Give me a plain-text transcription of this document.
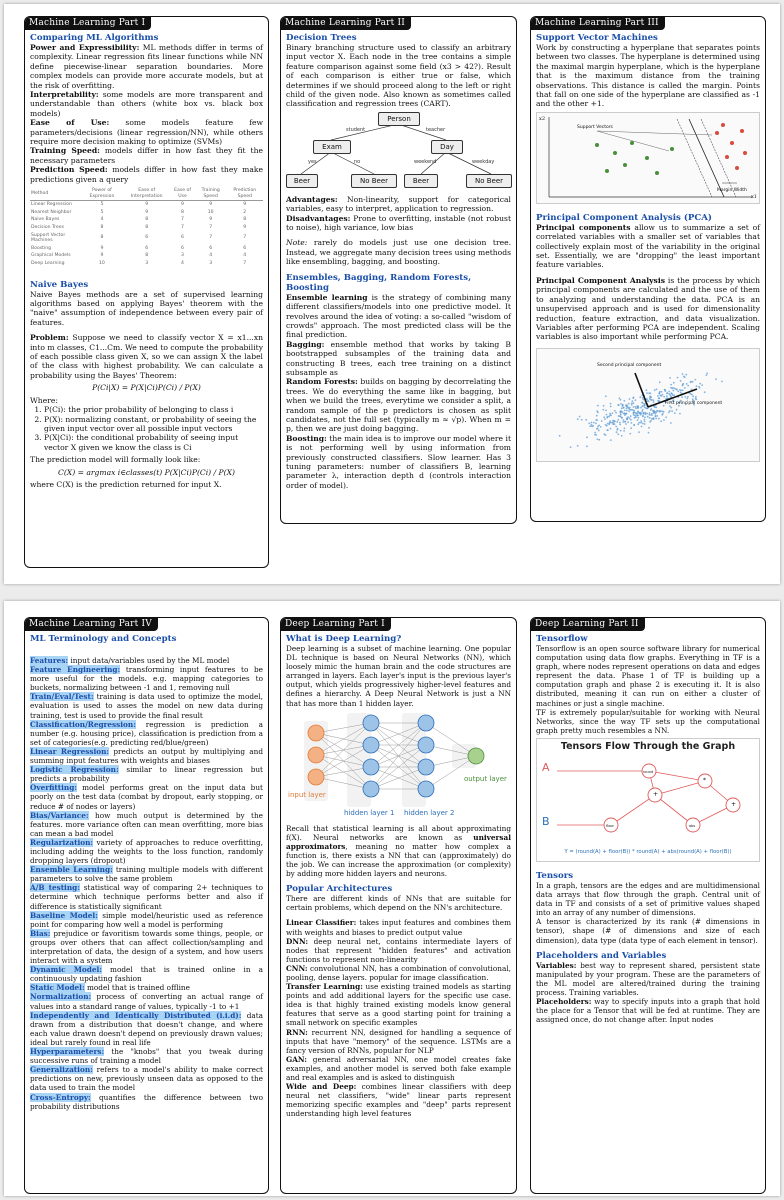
Machine Learning Part I

Comparing ML Algorithms

Power and Expressibility: ML methods differ in terms of complexity. Linear regression fits linear functions while NN define piecewise-linear separation boundaries. More complex models can provide more accurate models, but at the risk of overfitting.

Interpretability: some models are more transparent and understandable than others (white box vs. black box models)

Ease of Use: some models feature few parameters/decisions (linear regression/NN), while others require more decision making to optimize (SVMs)

Training Speed: models differ in how fast they fit the necessary parameters

Prediction Speed: models differ in how fast they make predictions given a query

Method	Power of Expression	Ease of Interpretation	Ease of Use	Training Speed	Prediction Speed
Linear Regression	5	9	9	9	9
Nearest Neighbor	5	9	8	10	2
Naive Bayes	4	8	7	9	8
Decision Trees	8	8	7	7	9
Support Vector Machines	8	6	6	7	7
Boosting	9	6	6	6	6
Graphical Models	9	8	3	4	4
Deep Learning	10	3	4	3	7

Naive Bayes

Naive Bayes methods are a set of supervised learning algorithms based on applying Bayes' theorem with the "naive" assumption of independence between every pair of features.

Problem: Suppose we need to classify vector X = x1...xn into m classes, C1...Cm. We need to compute the probability of each possible class given X, so we can assign X the label of the class with highest probability. We can calculate a probability using the Bayes' Theorem:

P(Ci|X) = P(X|Ci)P(Ci) / P(X)

Where:

1. P(Ci): the prior probability of belonging to class i
2. P(X): normalizing constant, or probability of seeing the given input vector over all possible input vectors
3. P(X|Ci): the conditional probability of seeing input vector X given we know the class is Ci

The prediction model will formally look like:

C(X) = argmax i∈classes(t) P(X|Ci)P(Ci) / P(X)

where C(X) is the prediction returned for input X.

Machine Learning Part II

Decision Trees

Binary branching structure used to classify an arbitrary input vector X. Each node in the tree contains a simple feature comparison against some field (x3 > 42?). Result of each comparison is either true or false, which determines if we should proceed along to the left or right child of the given node. Also known as sometimes called classification and regression trees (CART).

Person
student	teacher
Exam	Day
yes	no	weekend	weekday
Beer	No Beer	Beer	No Beer

Advantages: Non-linearity, support for categorical variables, easy to interpret, application to regression.

Disadvantages: Prone to overfitting, instable (not robust to noise), high variance, low bias

Note: rarely do models just use one decision tree. Instead, we aggregate many decision trees using methods like ensembling, bagging, and boosting.

Ensembles, Bagging, Random Forests, Boosting

Ensemble learning is the strategy of combining many different classifiers/models into one predictive model. It revolves around the idea of voting: a so-called "wisdom of crowds" approach. The most predicted class will be the final prediction.

Bagging: ensemble method that works by taking B bootstrapped subsamples of the training data and constructing B trees, each tree training on a distinct subsample as

Random Forests: builds on bagging by decorrelating the trees. We do everything the same like in bagging, but when we build the trees, everytime we consider a split, a random sample of the p predictors is chosen as split candidates, not the full set (typically m ≈ √p). When m = p, then we are just doing bagging.

Boosting: the main idea is to improve our model where it is not performing well by using information from previously constructed classifiers. Slow learner. Has 3 tuning parameters: number of classifiers B, learning parameter λ, interaction depth d (controls interaction order of model).

Machine Learning Part III

Support Vector Machines

Work by constructing a hyperplane that separates points between two classes. The hyperplane is determined using the maximal margin hyperplane, which is the hyperplane that is the maximum distance from the training observations. This distance is called the margin. Points that fall on one side of the hyperplane are classified as -1 and the other +1.

Support Vectors
Margin Width
x2
x1

Principal Component Analysis (PCA)

Principal components allow us to summarize a set of correlated variables with a smaller set of variables that collectively explain most of the variability in the original set. Essentially, we are "dropping" the least important feature variables.

Principal Component Analysis is the process by which principal components are calculated and the use of them to analyzing and understanding the data. PCA is an unsupervised approach and is used for dimensionality reduction, feature extraction, and data visualization. Variables after performing PCA are independent. Scaling variables is also important while performing PCA.

Second principal component
First principal component
Machine Learning Part IV

ML Terminology and Concepts

Features: input data/variables used by the ML model

Feature Engineering: transforming input features to be more useful for the models. e.g. mapping categories to buckets, normalizing between -1 and 1, removing null

Train/Eval/Test: training is data used to optimize the model, evaluation is used to asses the model on new data during training, test is used to provide the final result

Classification/Regression: regression is prediction a number (e.g. housing price), classification is prediction from a set of categories(e.g. predicting red/blue/green)

Linear Regression: predicts an output by multiplying and summing input features with weights and biases

Logistic Regression: similar to linear regression but predicts a probability

Overfitting: model performs great on the input data but poorly on the test data (combat by dropout, early stopping, or reduce # of nodes or layers)

Bias/Variance: how much output is determined by the features. more variance often can mean overfitting, more bias can mean a bad model

Regularization: variety of approaches to reduce overfitting, including adding the weights to the loss function, randomly dropping layers (dropout)

Ensemble Learning: training multiple models with different parameters to solve the same problem

A/B testing: statistical way of comparing 2+ techniques to determine which technique performs better and also if difference is statistically significant

Baseline Model: simple model/heuristic used as reference point for comparing how well a model is performing

Bias: prejudice or favoritism towards some things, people, or groups over others that can affect collection/sampling and interpretation of data, the design of a system, and how users interact with a system

Dynamic Model: model that is trained online in a continuously updating fashion

Static Model: model that is trained offline

Normalization: process of converting an actual range of values into a standard range of values, typically -1 to +1

Independently and Identically Distributed (i.i.d): data drawn from a distribution that doesn't change, and where each value drawn doesn't depend on previously drawn values; ideal but rarely found in real life

Hyperparameters: the "knobs" that you tweak during successive runs of training a model

Generalization: refers to a model's ability to make correct predictions on new, previously unseen data as opposed to the data used to train the model

Cross-Entropy: quantifies the difference between two probability distributions

Deep Learning Part I

What is Deep Learning?

Deep learning is a subset of machine learning. One popular DL technique is based on Neural Networks (NN), which loosely mimic the human brain and the code structures are arranged in layers. Each layer's input is the previous layer's output, which yields progressively higher-level features and defines a hierarchy. A Deep Neural Network is just a NN that has more than 1 hidden layer.

input layer
hidden layer 1 hidden layer 2
output layer

Recall that statistical learning is all about approximating f(X). Neural networks are known as universal approximators, meaning no matter how complex a function is, there exists a NN that can (approximately) do the job. We can increase the approximation (or complexity) by adding more hidden layers and neurons.

Popular Architectures

There are different kinds of NNs that are suitable for certain problems, which depend on the NN's architecture.

Linear Classifier: takes input features and combines them with weights and biases to predict output value

DNN: deep neural net, contains intermediate layers of nodes that represent "hidden features" and activation functions to represent non-linearity

CNN: convolutional NN, has a combination of convolutional, pooling, dense layers. popular for image classification.

Transfer Learning: use existing trained models as starting points and add additional layers for the specific use case. idea is that highly trained existing models know general features that serve as a good starting point for training a small network on specific examples

RNN: recurrent NN, designed for handling a sequence of inputs that have "memory" of the sequence. LSTMs are a fancy version of RNNs, popular for NLP

GAN: general adversarial NN, one model creates fake examples, and another model is served both fake example and real examples and is asked to distinguish

Wide and Deep: combines linear classifiers with deep neural net classifiers, "wide" linear parts represent memorizing specific examples and "deep" parts represent understanding high level features

Deep Learning Part II

Tensorflow

Tensorflow is an open source software library for numerical computation using data flow graphs. Everything in TF is a graph, where nodes represent operations on data and edges represent the data. Phase 1 of TF is building up a computation graph and phase 2 is executing it. It is also distributed, meaning it can run on either a cluster of machines or just a single machine.

TF is extremely popular/suitable for working with Neural Networks, since the way TF sets up the computational graph pretty much resembles a NN.

Tensors Flow Through the Graph
A
B
round
floor
+
*
abs
+
Y = (round(A) + floor(B)) * round(A) + abs(round(A) + floor(B))

Tensors

In a graph, tensors are the edges and are multidimensional data arrays that flow through the graph. Central unit of data in TF and consists of a set of primitive values shaped into an array of any number of dimensions.

A tensor is characterized by its rank (# dimensions in tensor), shape (# of dimensions and size of each dimension), data type (data type of each element in tensor).

Placeholders and Variables

Variables: best way to represent shared, persistent state manipulated by your program. These are the parameters of the ML model are altered/trained during the training process. Training variables.

Placeholders: way to specify inputs into a graph that hold the place for a Tensor that will be fed at runtime. They are assigned once, do not change after. Input nodes
